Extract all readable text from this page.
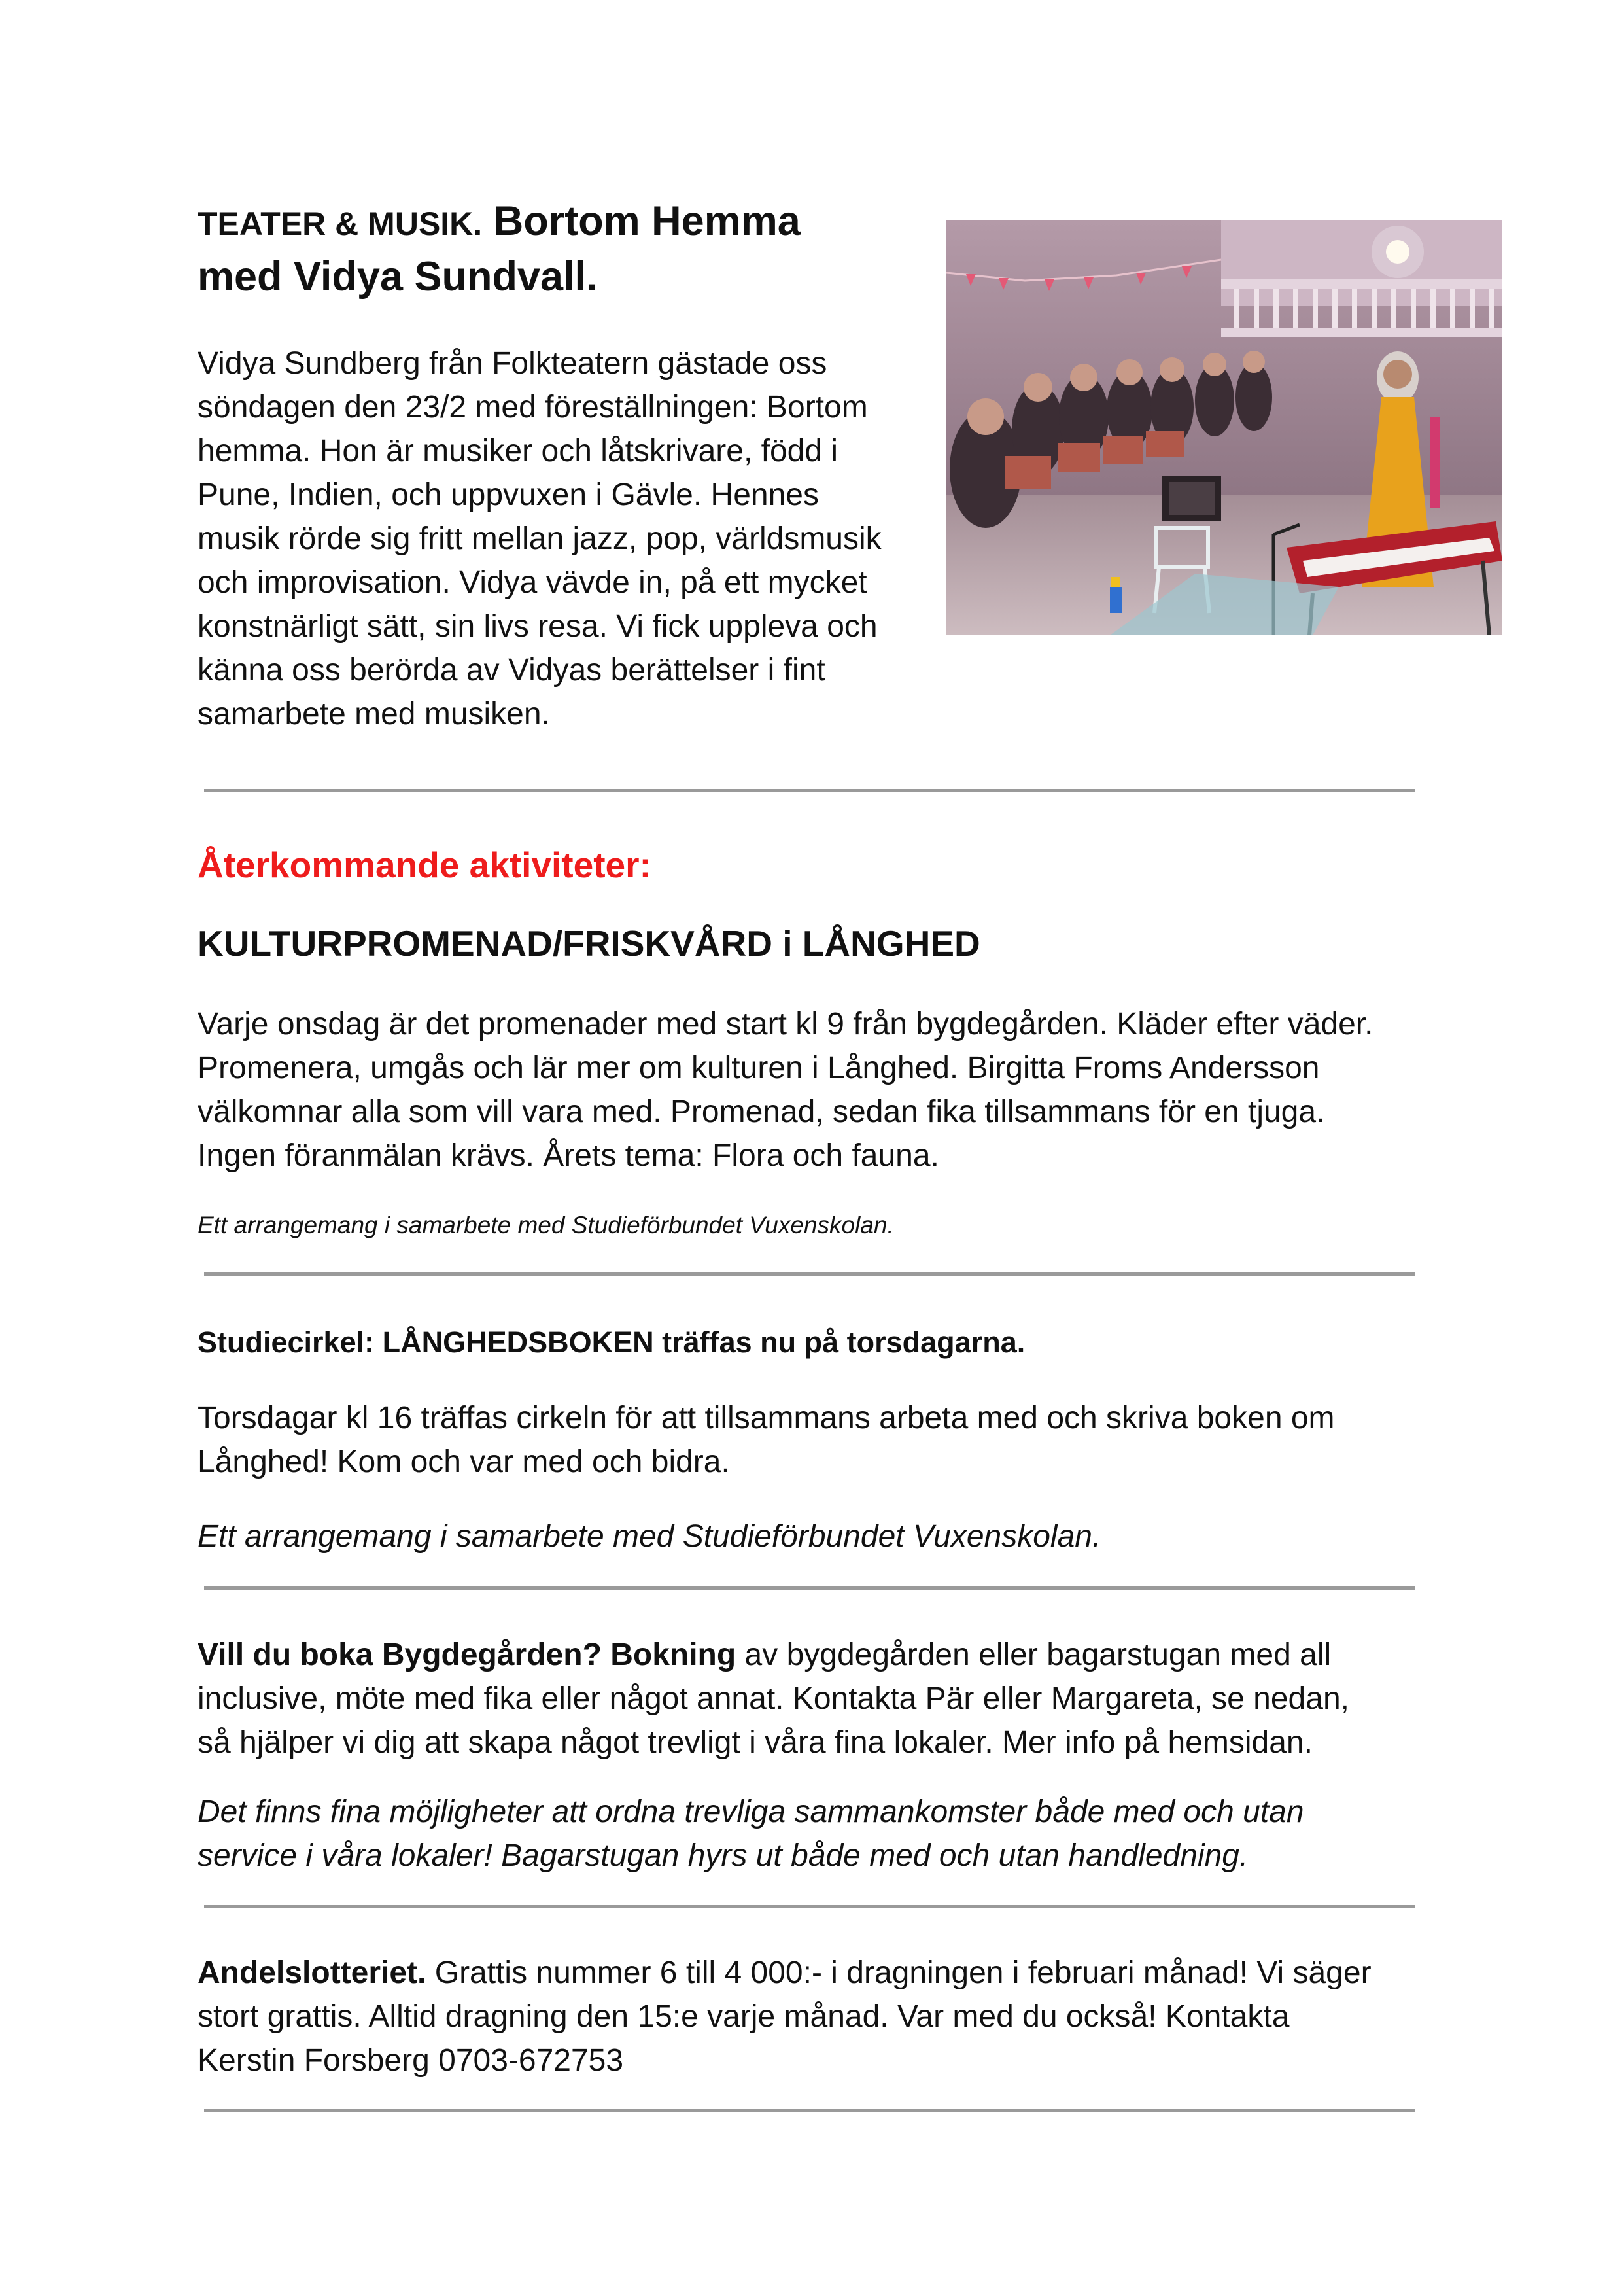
TEATER & MUSIK. Bortom Hemma
med Vidya Sundvall.

Vidya Sundberg från Folkteatern gästade oss

söndagen den 23/2 med föreställningen: Bortom

hemma. Hon är musiker och låtskrivare, född i

Pune, Indien, och uppvuxen i Gävle. Hennes

musik rörde sig fritt mellan jazz, pop, världsmusik

och improvisation. Vidya vävde in, på ett mycket

konstnärligt sätt, sin livs resa. Vi fick uppleva och

känna oss berörda av Vidyas berättelser i fint

samarbete med musiken.

Återkommande aktiviteter:
KULTURPROMENAD/FRISKVÅRD i LÅNGHED

Varje onsdag är det promenader med start kl 9 från bygdegården. Kläder efter väder.

Promenera, umgås och lär mer om kulturen i Långhed. Birgitta Froms Andersson

välkomnar alla som vill vara med. Promenad, sedan fika tillsammans för en tjuga.

Ingen föranmälan krävs. Årets tema: Flora och fauna.

Ett arrangemang i samarbete med Studieförbundet Vuxenskolan.
Studiecirkel: LÅNGHEDSBOKEN träffas nu på torsdagarna.

Torsdagar kl 16 träffas cirkeln för att tillsammans arbeta med och skriva boken om

Långhed! Kom och var med och bidra.

Ett arrangemang i samarbete med Studieförbundet Vuxenskolan.

Vill du boka Bygdegården? Bokning av bygdegården eller bagarstugan med all

inclusive, möte med fika eller något annat. Kontakta Pär eller Margareta, se nedan,

så hjälper vi dig att skapa något trevligt i våra fina lokaler. Mer info på hemsidan.

Det finns fina möjligheter att ordna trevliga sammankomster både med och utan

service i våra lokaler! Bagarstugan hyrs ut både med och utan handledning.

Andelslotteriet. Grattis nummer 6 till 4 000:- i dragningen i februari månad! Vi säger

stort grattis. Alltid dragning den 15:e varje månad. Var med du också! Kontakta

Kerstin Forsberg 0703-672753
